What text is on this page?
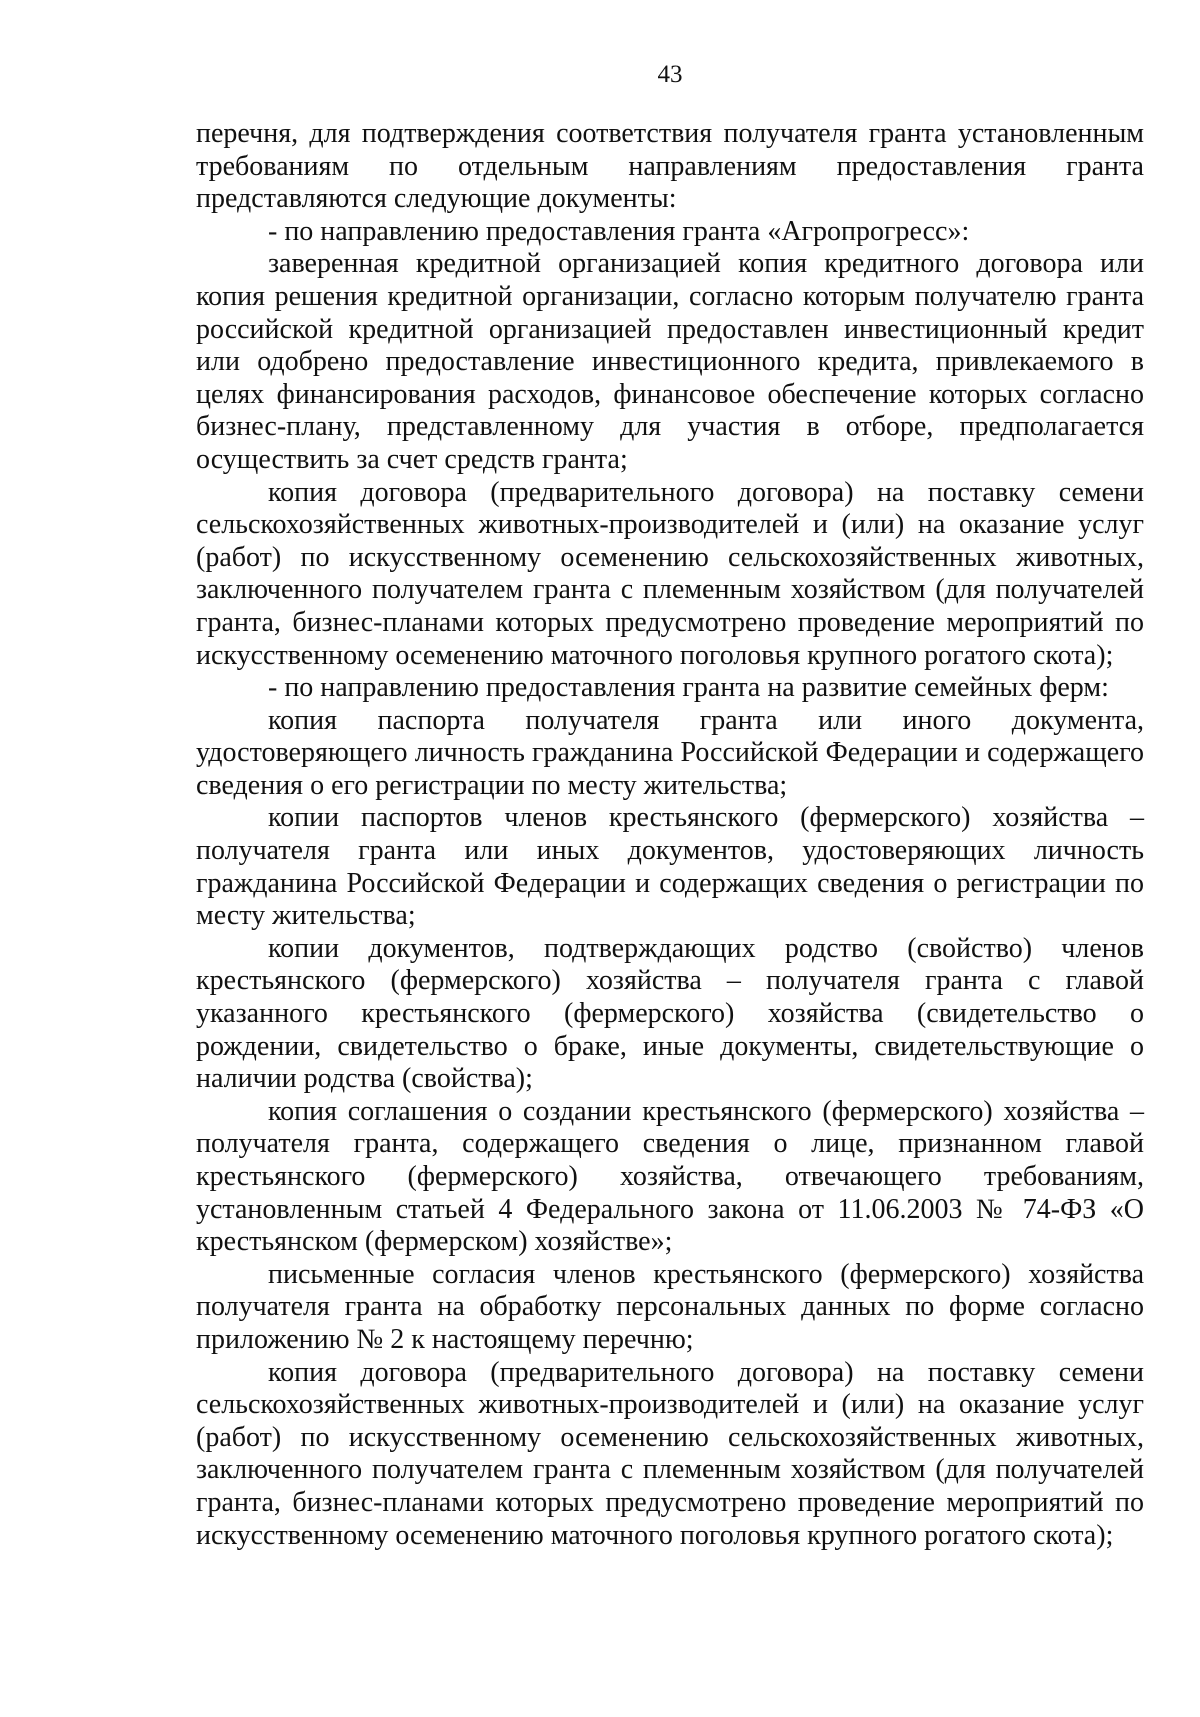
43

перечня, для подтверждения соответствия получателя гранта установленным требованиям по отдельным направлениям предоставления гранта представляются следующие документы:

- по направлению предоставления гранта «Агропрогресс»:

заверенная кредитной организацией копия кредитного договора или копия решения кредитной организации, согласно которым получателю гранта российской кредитной организацией предоставлен инвестиционный кредит или одобрено предоставление инвестиционного кредита, привлекаемого в целях финансирования расходов, финансовое обеспечение которых согласно бизнес-плану, представленному для участия в отборе, предполагается осуществить за счет средств гранта;

копия договора (предварительного договора) на поставку семени сельскохозяйственных животных-производителей и (или) на оказание услуг (работ) по искусственному осеменению сельскохозяйственных животных, заключенного получателем гранта с племенным хозяйством (для получателей гранта, бизнес-планами которых предусмотрено проведение мероприятий по искусственному осеменению маточного поголовья крупного рогатого скота);

- по направлению предоставления гранта на развитие семейных ферм:

копия паспорта получателя гранта или иного документа, удостоверяющего личность гражданина Российской Федерации и содержащего сведения о его регистрации по месту жительства;

копии паспортов членов крестьянского (фермерского) хозяйства – получателя гранта или иных документов, удостоверяющих личность гражданина Российской Федерации и содержащих сведения о регистрации по месту жительства;

копии документов, подтверждающих родство (свойство) членов крестьянского (фермерского) хозяйства – получателя гранта с главой указанного крестьянского (фермерского) хозяйства (свидетельство о рождении, свидетельство о браке, иные документы, свидетельствующие о наличии родства (свойства);

копия соглашения о создании крестьянского (фермерского) хозяйства – получателя гранта, содержащего сведения о лице, признанном главой крестьянского (фермерского) хозяйства, отвечающего требованиям, установленным статьей 4 Федерального закона от 11.06.2003 № 74-ФЗ «О крестьянском (фермерском) хозяйстве»;

письменные согласия членов крестьянского (фермерского) хозяйства получателя гранта на обработку персональных данных по форме согласно приложению № 2 к настоящему перечню;

копия договора (предварительного договора) на поставку семени сельскохозяйственных животных-производителей и (или) на оказание услуг (работ) по искусственному осеменению сельскохозяйственных животных, заключенного получателем гранта с племенным хозяйством (для получателей гранта, бизнес-планами которых предусмотрено проведение мероприятий по искусственному осеменению маточного поголовья крупного рогатого скота);
